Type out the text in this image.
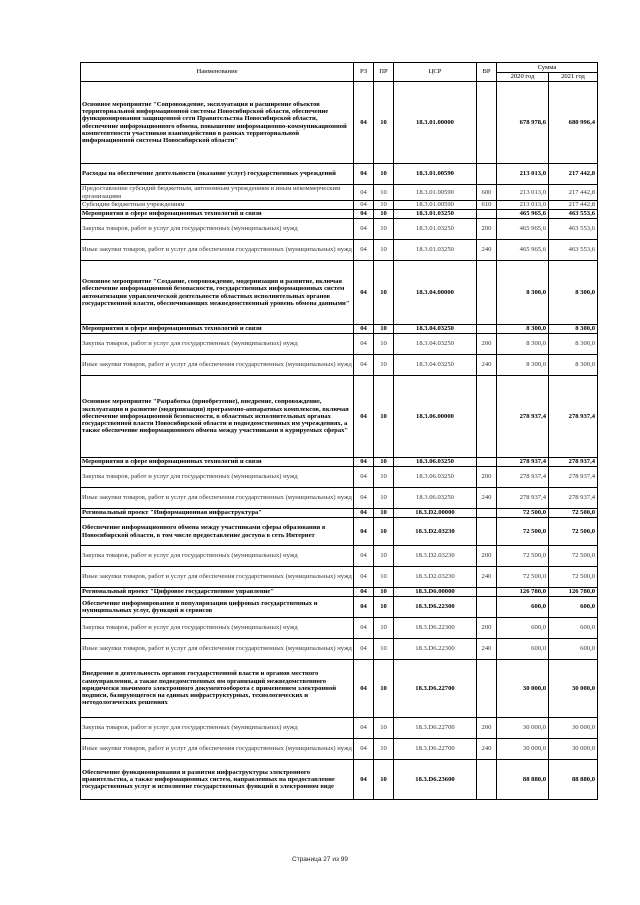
Наименование	РЗ	ПР	ЦСР	ВР	Сумма	
					2020 год	2021 год
Основное мероприятие "Сопровождение, эксплуатация и расширение объектов территориальной информационной системы Новосибирской области, обеспечение функционирования защищенной сети Правительства Новосибирской области, обеспечение информационного обмена, повышение информационно-коммуникационной компетентности участников взаимодействия в рамках территориальной информационной системы Новосибирской области"	04	10	18.3.01.00000		678 978,6	680 996,4
Расходы на обеспечение деятельности (оказание услуг) государственных учреждений	04	10	18.3.01.00590		213 013,0	217 442,8
Предоставление субсидий бюджетным, автономным учреждениям и иным некоммерческим организациям	04	10	18.3.01.00590	600	213 013,0	217 442,8
Субсидии бюджетным учреждениям	04	10	18.3.01.00590	610	213 013,0	217 442,8
Мероприятия в сфере информационных технологий и связи	04	10	18.3.01.03250		465 965,6	463 553,6
Закупка товаров, работ и услуг для государственных (муниципальных) нужд	04	10	18.3.01.03250	200	465 965,6	463 553,6
Иные закупки товаров, работ и услуг для обеспечения государственных (муниципальных) нужд	04	10	18.3.01.03250	240	465 965,6	463 553,6
Основное мероприятие "Создание, сопровождение, модернизация и развитие, включая обеспечение информационной безопасности, государственных информационных систем автоматизации управленческой деятельности областных исполнительных органов государственной власти, обеспечивающих межведомственный уровень обмена данными"	04	10	18.3.04.00000		8 300,0	8 300,0
Мероприятия в сфере информационных технологий и связи	04	10	18.3.04.03250		8 300,0	8 300,0
Закупка товаров, работ и услуг для государственных (муниципальных) нужд	04	10	18.3.04.03250	200	8 300,0	8 300,0
Иные закупки товаров, работ и услуг для обеспечения государственных (муниципальных) нужд	04	10	18.3.04.03250	240	8 300,0	8 300,0
Основное мероприятие "Разработка (приобретение), внедрение, сопровождение, эксплуатация и развитие (модернизация) программно-аппаратных комплексов, включая обеспечение информационной безопасности, в областных исполнительных органах государственной власти Новосибирской области и подведомственных им учреждениях, а также обеспечение информационного обмена между участниками в курируемых сферах"	04	10	18.3.06.00000		278 937,4	278 937,4
Мероприятия в сфере информационных технологий и связи	04	10	18.3.06.03250		278 937,4	278 937,4
Закупка товаров, работ и услуг для государственных (муниципальных) нужд	04	10	18.3.06.03250	200	278 937,4	278 937,4
Иные закупки товаров, работ и услуг для обеспечения государственных (муниципальных) нужд	04	10	18.3.06.03250	240	278 937,4	278 937,4
Региональный проект "Информационная инфраструктура"	04	10	18.3.D2.00000		72 500,0	72 500,0
Обеспечение информационного обмена между участниками сферы образования в Новосибирской области, в том числе предоставление доступа в сеть Интернет	04	10	18.3.D2.03230		72 500,0	72 500,0
Закупка товаров, работ и услуг для государственных (муниципальных) нужд	04	10	18.3.D2.03230	200	72 500,0	72 500,0
Иные закупки товаров, работ и услуг для обеспечения государственных (муниципальных) нужд	04	10	18.3.D2.03230	240	72 500,0	72 500,0
Региональный проект "Цифровое государственное управление"	04	10	18.3.D6.00000		126 780,0	126 780,0
Обеспечение информирования и популяризации цифровых государственных и муниципальных услуг, функций и сервисов	04	10	18.3.D6.22300		600,0	600,0
Закупка товаров, работ и услуг для государственных (муниципальных) нужд	04	10	18.3.D6.22300	200	600,0	600,0
Иные закупки товаров, работ и услуг для обеспечения государственных (муниципальных) нужд	04	10	18.3.D6.22300	240	600,0	600,0
Внедрение в деятельность органов государственной власти и органов местного самоуправления, а также подведомственных им организаций межведомственного юридически значимого электронного документооборота с применением электронной подписи, базирующегося на единых инфраструктурных, технологических и методологических решениях	04	10	18.3.D6.22700		30 000,0	30 000,0
Закупка товаров, работ и услуг для государственных (муниципальных) нужд	04	10	18.3.D6.22700	200	30 000,0	30 000,0
Иные закупки товаров, работ и услуг для обеспечения государственных (муниципальных) нужд	04	10	18.3.D6.22700	240	30 000,0	30 000,0
Обеспечение функционирования и развития инфраструктуры электронного правительства, а также информационных систем, направленных на предоставление государственных услуг и исполнение государственных функций в электронном виде	04	10	18.3.D6.23600		88 880,0	88 880,0
Страница 27 из 99
